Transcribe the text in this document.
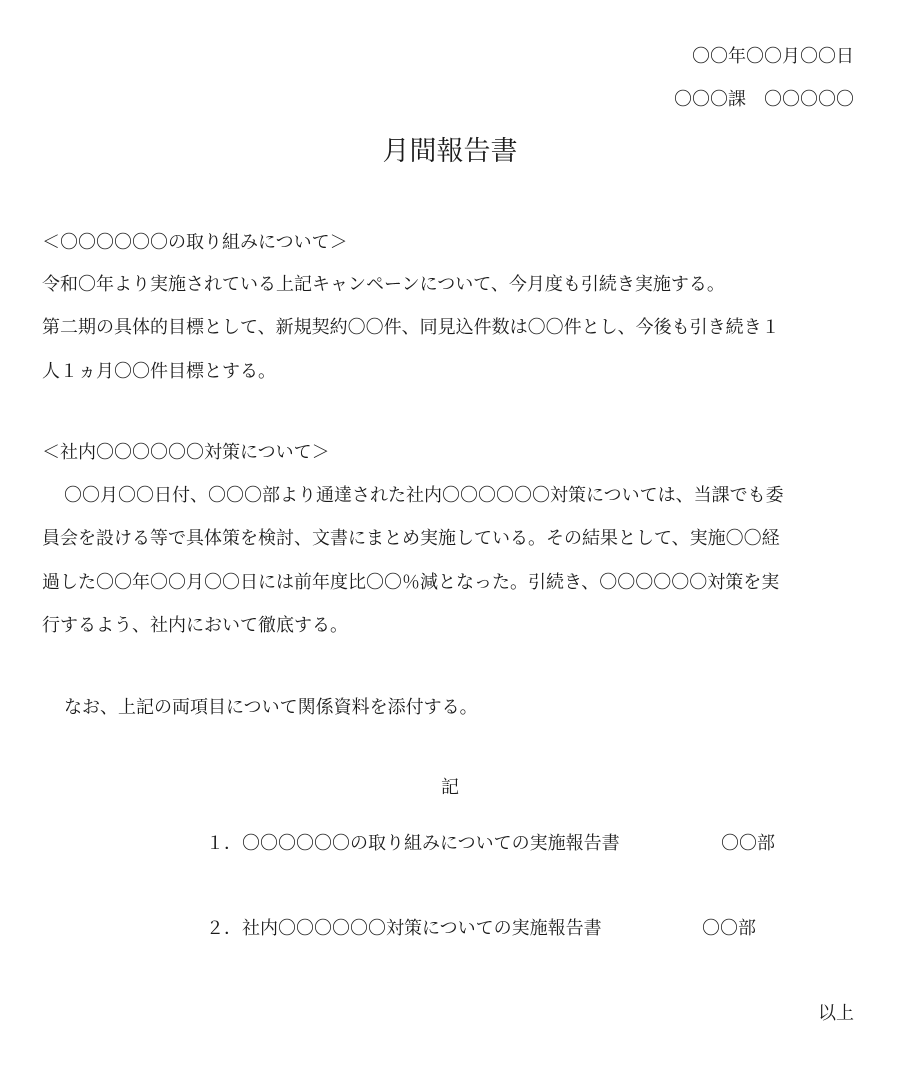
〇〇年〇〇月〇〇日
〇〇〇課　〇〇〇〇〇
月間報告書
＜〇〇〇〇〇〇の取り組みについて＞
令和〇年より実施されている上記キャンペーンについて、今月度も引続き実施する。
第二期の具体的目標として、新規契約〇〇件、同見込件数は〇〇件とし、今後も引き続き１
人１ヵ月〇〇件目標とする。
＜社内〇〇〇〇〇〇対策について＞
〇〇月〇〇日付、〇〇〇部より通達された社内〇〇〇〇〇〇対策については、当課でも委
員会を設ける等で具体策を検討、文書にまとめ実施している。その結果として、実施〇〇経
過した〇〇年〇〇月〇〇日には前年度比〇〇％減となった。引続き、〇〇〇〇〇〇対策を実
行するよう、社内において徹底する。
なお、上記の両項目について関係資料を添付する。
記
１．〇〇〇〇〇〇の取り組みについての実施報告書	〇〇部
２．社内〇〇〇〇〇〇対策についての実施報告書	〇〇部
以上
